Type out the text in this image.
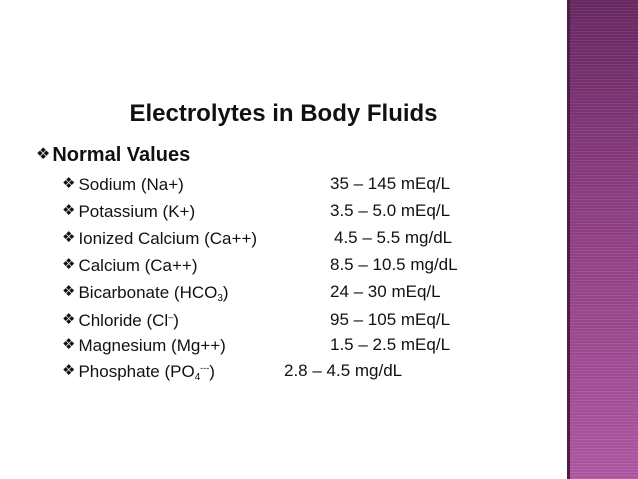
Electrolytes in Body Fluids
❖ Normal Values
❖ Sodium (Na+)	35 – 145 mEq/L
❖ Potassium (K+)	3.5 – 5.0 mEq/L
❖ Ionized Calcium (Ca++)	4.5 – 5.5 mg/dL
❖ Calcium (Ca++)	8.5 – 10.5 mg/dL
❖ Bicarbonate $(HCO_3)$	24 – 30 mEq/L
❖ Chloride (Cl–)	95 – 105 mEq/L
❖ Magnesium (Mg++)	1.5 – 2.5 mEq/L
❖ Phosphate $(PO_4^{---})$	2.8 – 4.5 mg/dL
